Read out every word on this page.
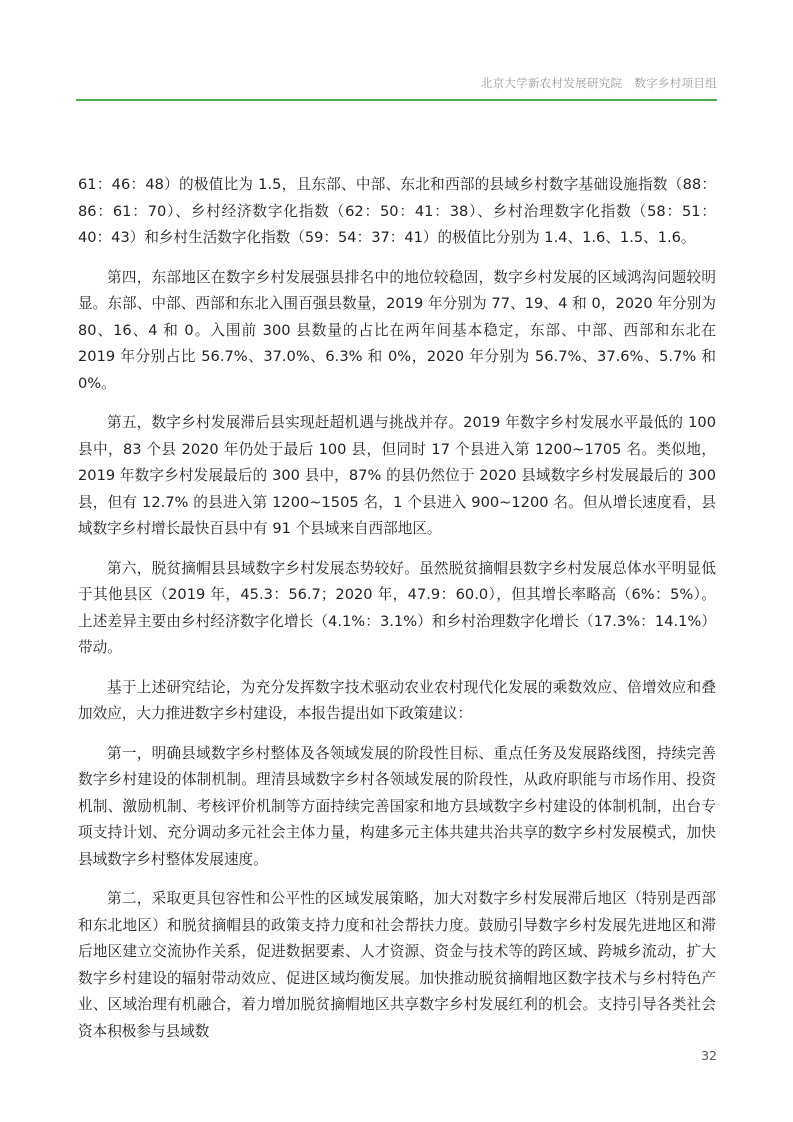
北京大学新农村发展研究院 数字乡村项目组

61：46：48）的极值比为 1.5，且东部、中部、东北和西部的县域乡村数字基础设施指数（88：86：61：70）、乡村经济数字化指数（62：50：41：38）、乡村治理数字化指数（58：51：40：43）和乡村生活数字化指数（59：54：37：41）的极值比分别为 1.4、1.6、1.5、1.6。

第四，东部地区在数字乡村发展强县排名中的地位较稳固，数字乡村发展的区域鸿沟问题较明显。东部、中部、西部和东北入围百强县数量，2019 年分别为 77、19、4 和 0，2020 年分别为 80、16、4 和 0。入围前 300 县数量的占比在两年间基本稳定，东部、中部、西部和东北在 2019 年分别占比 56.7%、37.0%、6.3% 和 0%，2020 年分别为 56.7%、37.6%、5.7% 和 0%。

第五，数字乡村发展滞后县实现赶超机遇与挑战并存。2019 年数字乡村发展水平最低的 100 县中，83 个县 2020 年仍处于最后 100 县，但同时 17 个县进入第 1200~1705 名。类似地，2019 年数字乡村发展最后的 300 县中，87% 的县仍然位于 2020 县域数字乡村发展最后的 300 县，但有 12.7% 的县进入第 1200~1505 名，1 个县进入 900~1200 名。但从增长速度看，县域数字乡村增长最快百县中有 91 个县域来自西部地区。

第六，脱贫摘帽县县域数字乡村发展态势较好。虽然脱贫摘帽县数字乡村发展总体水平明显低于其他县区（2019 年，45.3：56.7；2020 年，47.9：60.0），但其增长率略高（6%：5%）。上述差异主要由乡村经济数字化增长（4.1%：3.1%）和乡村治理数字化增长（17.3%：14.1%）带动。

基于上述研究结论，为充分发挥数字技术驱动农业农村现代化发展的乘数效应、倍增效应和叠加效应，大力推进数字乡村建设，本报告提出如下政策建议：

第一，明确县域数字乡村整体及各领域发展的阶段性目标、重点任务及发展路线图，持续完善数字乡村建设的体制机制。理清县域数字乡村各领域发展的阶段性，从政府职能与市场作用、投资机制、激励机制、考核评价机制等方面持续完善国家和地方县域数字乡村建设的体制机制，出台专项支持计划、充分调动多元社会主体力量，构建多元主体共建共治共享的数字乡村发展模式，加快县域数字乡村整体发展速度。

第二，采取更具包容性和公平性的区域发展策略，加大对数字乡村发展滞后地区（特别是西部和东北地区）和脱贫摘帽县的政策支持力度和社会帮扶力度。鼓励引导数字乡村发展先进地区和滞后地区建立交流协作关系，促进数据要素、人才资源、资金与技术等的跨区域、跨城乡流动，扩大数字乡村建设的辐射带动效应、促进区域均衡发展。加快推动脱贫摘帽地区数字技术与乡村特色产业、区域治理有机融合，着力增加脱贫摘帽地区共享数字乡村发展红利的机会。支持引导各类社会资本积极参与县域数

32
